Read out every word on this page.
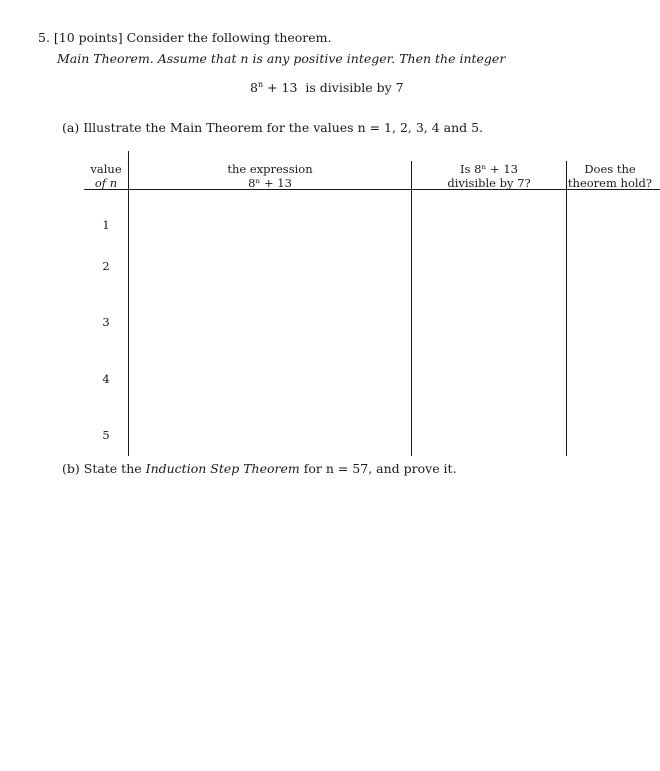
5. [10 points] Consider the following theorem.
Main Theorem. Assume that n is any positive integer. Then the integer
$8^n + 13$  is divisible by 7
(a) Illustrate the Main Theorem for the values n = 1, 2, 3, 4 and 5.
value
of n
the expression
8ⁿ + 13
Is 8ⁿ + 13
divisible by 7?
Does the
theorem hold?
1
2
3
4
5
(b) State the Induction Step Theorem for n = 57, and prove it.
